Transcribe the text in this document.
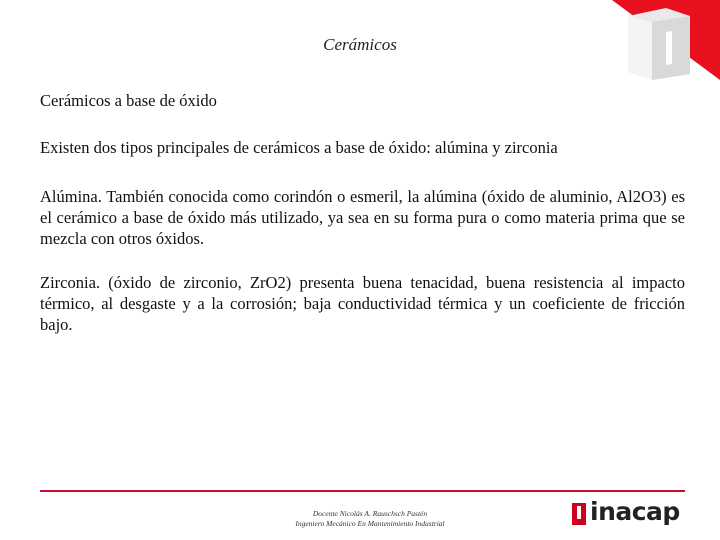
Cerámicos

Cerámicos a base de óxido

Existen dos tipos principales de cerámicos a base de óxido: alúmina y zirconia

Alúmina. También conocida como corindón o esmeril, la alúmina (óxido de aluminio, Al2O3) es el cerámico a base de óxido más utilizado, ya sea en su forma pura o como materia prima que se mezcla con otros óxidos.

Zirconia. (óxido de zirconio, ZrO2) presenta buena tenacidad, buena resistencia al impacto térmico, al desgaste y a la corrosión; baja conductividad térmica y un coeficiente de fricción bajo.

Docente Nicolás A. Rauschsch Pastén
Ingeniero Mecánico En Mantenimiento Industrial	inacap
